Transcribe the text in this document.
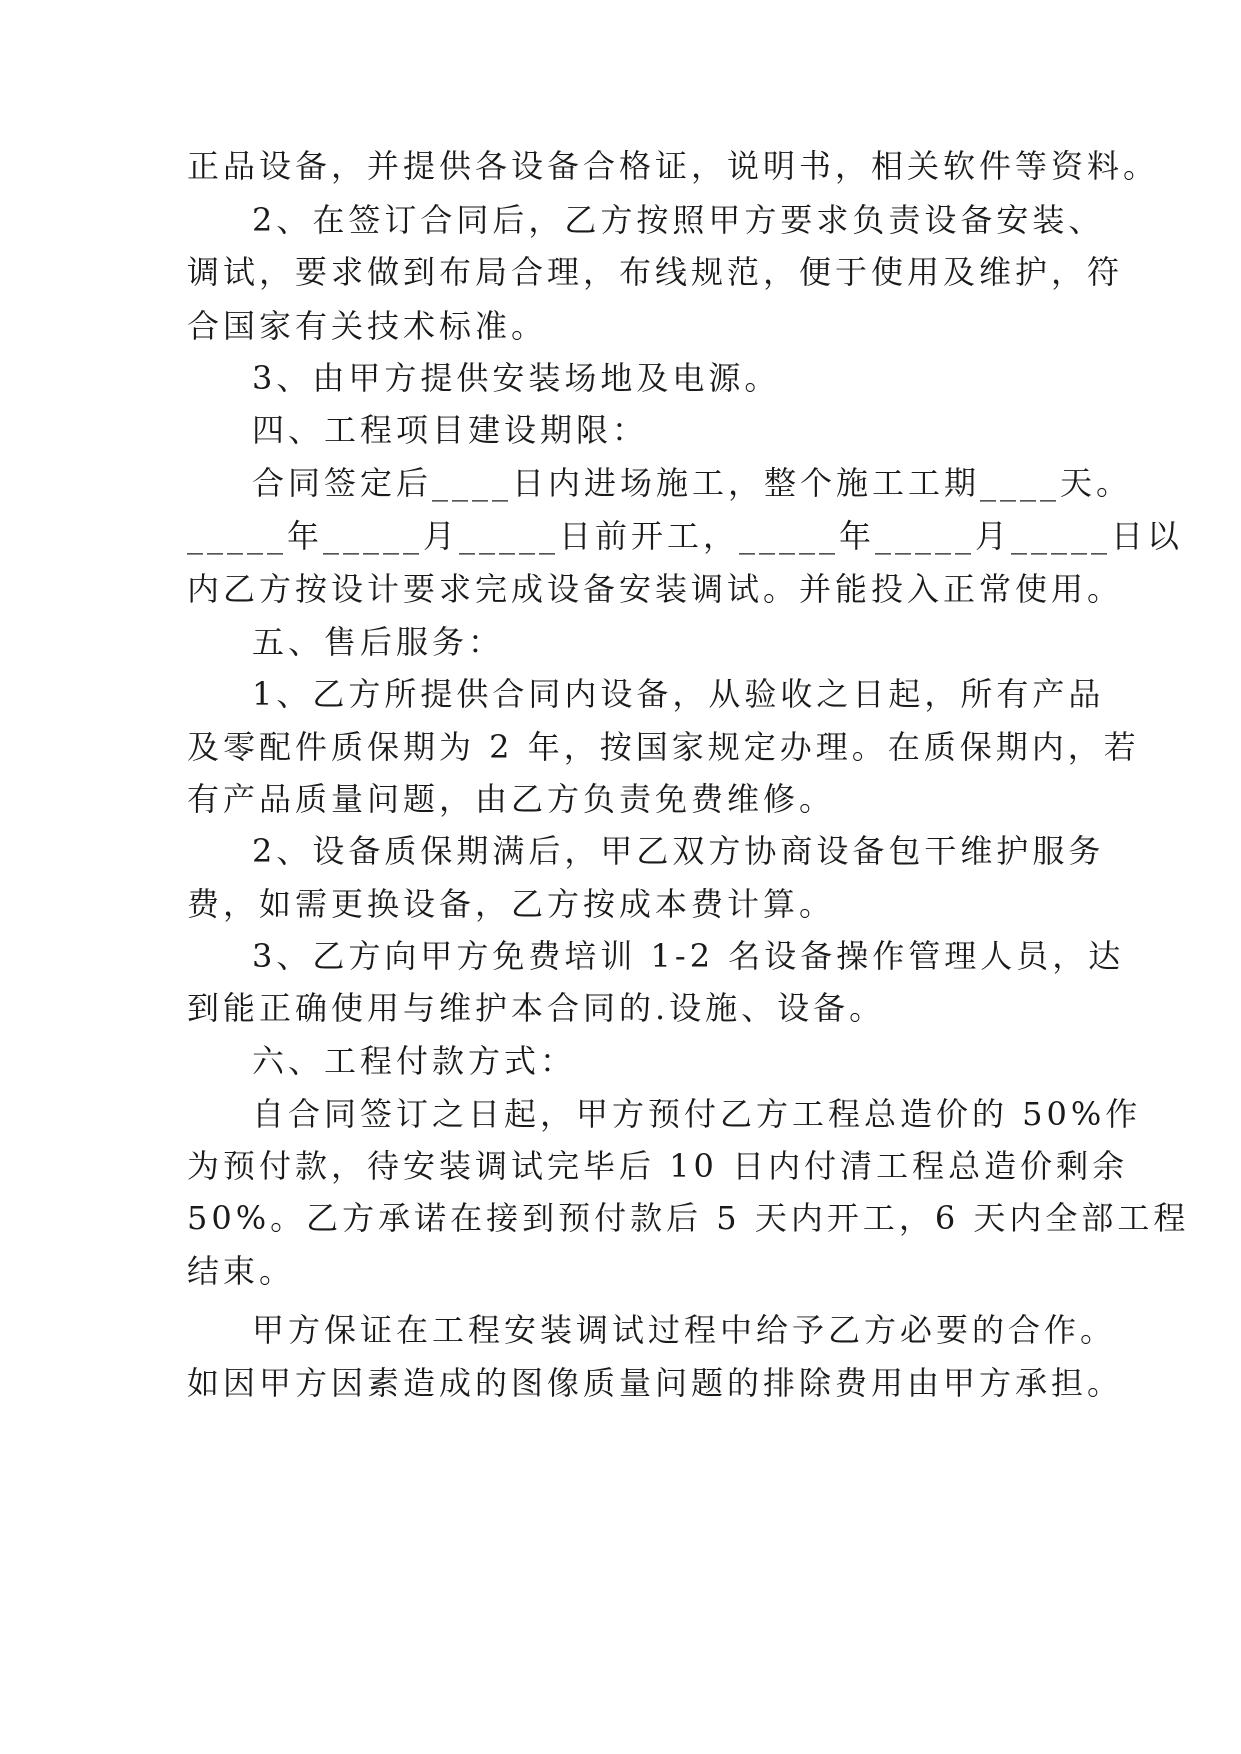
正品设备，并提供各设备合格证，说明书，相关软件等资料。
2、在签订合同后，乙方按照甲方要求负责设备安装、
调试，要求做到布局合理，布线规范，便于使用及维护，符
合国家有关技术标准。
3、由甲方提供安装场地及电源。
四、工程项目建设期限：
合同签定后____日内进场施工，整个施工工期____天。
_____年_____月_____日前开工，_____年_____月_____日以
内乙方按设计要求完成设备安装调试。并能投入正常使用。
五、售后服务：
1、乙方所提供合同内设备，从验收之日起，所有产品
及零配件质保期为 2 年，按国家规定办理。在质保期内，若
有产品质量问题，由乙方负责免费维修。
2、设备质保期满后，甲乙双方协商设备包干维护服务
费，如需更换设备，乙方按成本费计算。
3、乙方向甲方免费培训 1-2 名设备操作管理人员，达
到能正确使用与维护本合同的.设施、设备。
六、工程付款方式：
自合同签订之日起，甲方预付乙方工程总造价的 50%作
为预付款，待安装调试完毕后 10 日内付清工程总造价剩余
50%。乙方承诺在接到预付款后 5 天内开工，6 天内全部工程
结束。
甲方保证在工程安装调试过程中给予乙方必要的合作。
如因甲方因素造成的图像质量问题的排除费用由甲方承担。
